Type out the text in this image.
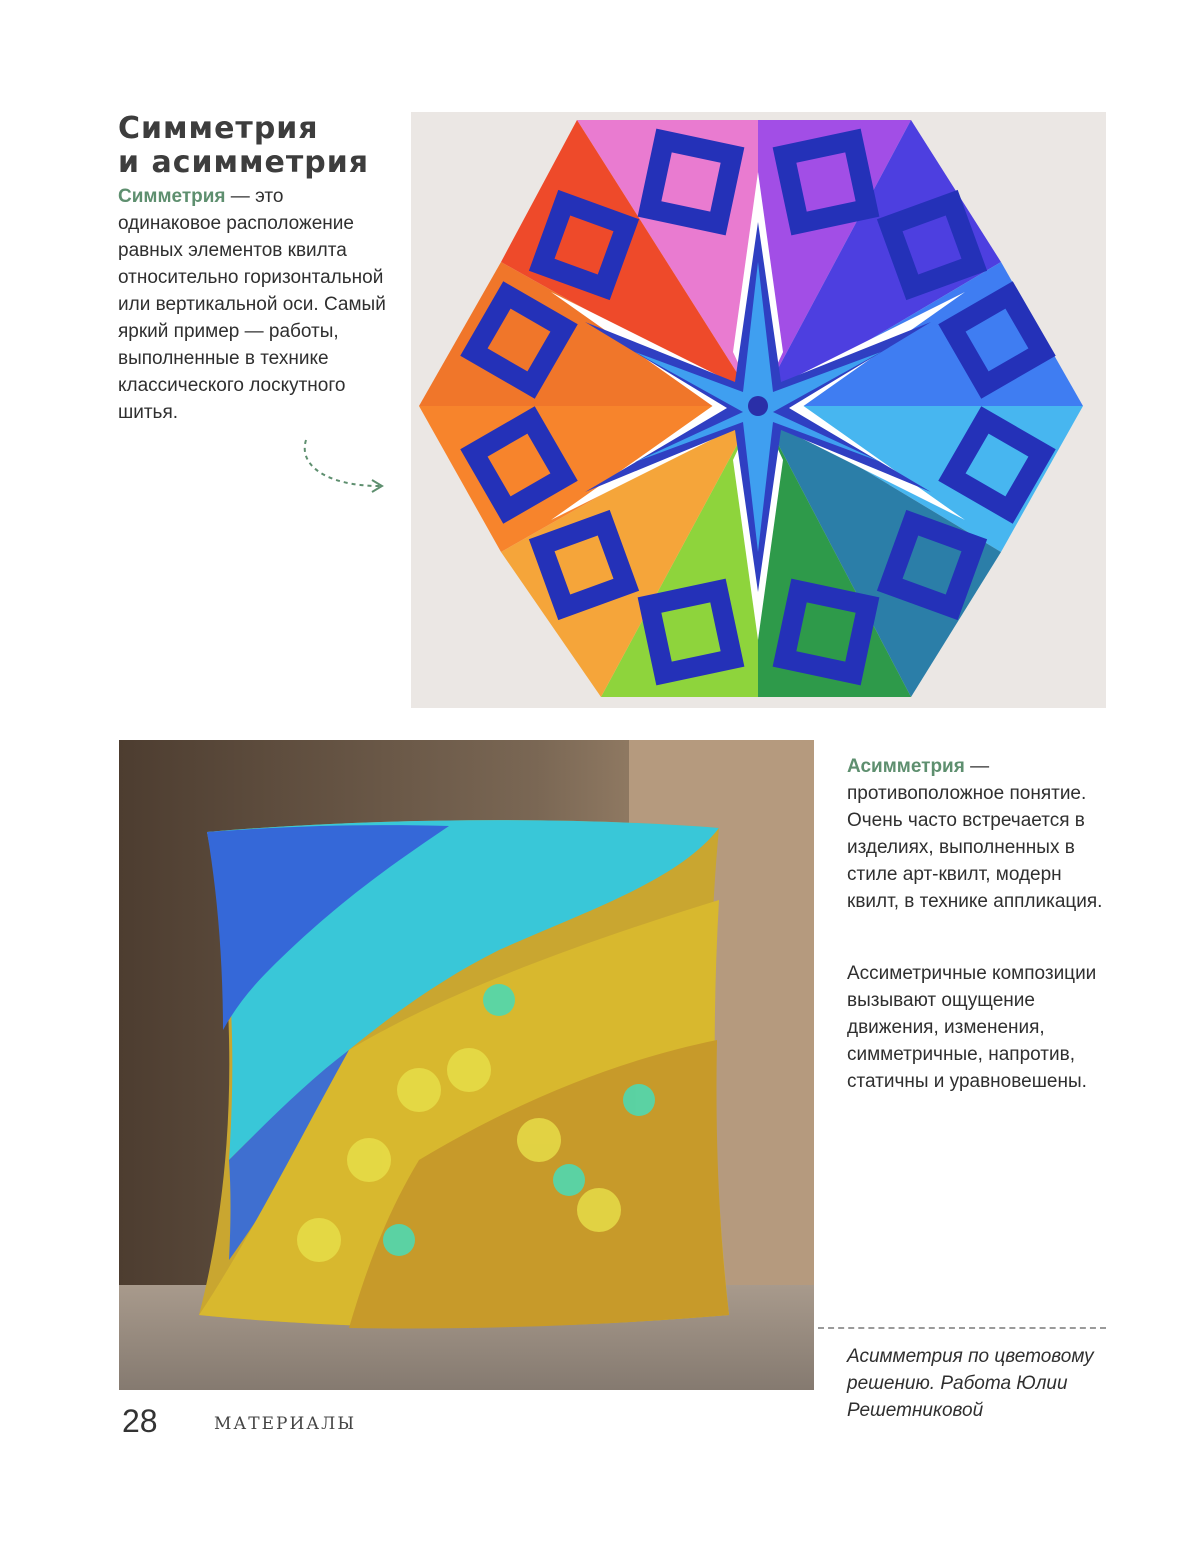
Симметрия
и асимметрия

Симметрия — это одинаковое расположение равных элементов квилта относительно горизонтальной или вертикальной оси. Самый яркий пример — работы, выполненные в технике классического лоскутного шитья.

Асимметрия — противоположное понятие. Очень часто встречается в изделиях, выполненных в стиле арт-квилт, модерн квилт, в технике аппликация.

Ассиметричные композиции вызывают ощущение движения, изменения, симметричные, напротив, статичны и уравновешены.

Асимметрия по цветовому решению. Работа Юлии Решетниковой

28	МАТЕРИАЛЫ
